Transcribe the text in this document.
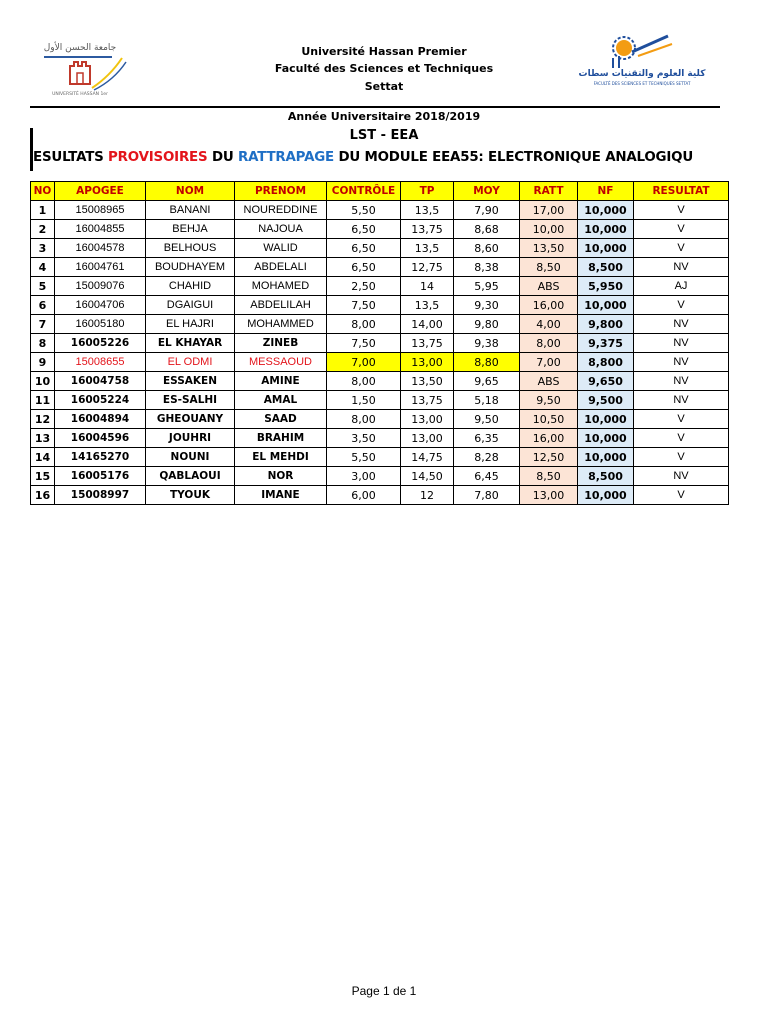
جامعة الحسن الأول
UNIVERSITÉ HASSAN 1er
كلية العلوم والتقنيات سطات
FACULTÉ DES SCIENCES ET TECHNIQUES SETTAT
Université Hassan Premier
Faculté des Sciences et Techniques
Settat
Année Universitaire 2018/2019
LST - EEA
ESULTATS PROVISOIRES DU RATTRAPAGE DU MODULE EEA55: ELECTRONIQUE ANALOGIQU
NO	APOGEE	NOM	PRENOM	CONTRÔLE	TP	MOY	RATT	NF	RESULTAT
1	15008965	BANANI	NOUREDDINE	5,50	13,5	7,90	17,00	10,000	V
2	16004855	BEHJA	NAJOUA	6,50	13,75	8,68	10,00	10,000	V
3	16004578	BELHOUS	WALID	6,50	13,5	8,60	13,50	10,000	V
4	16004761	BOUDHAYEM	ABDELALI	6,50	12,75	8,38	8,50	8,500	NV
5	15009076	CHAHID	MOHAMED	2,50	14	5,95	ABS	5,950	AJ
6	16004706	DGAIGUI	ABDELILAH	7,50	13,5	9,30	16,00	10,000	V
7	16005180	EL HAJRI	MOHAMMED	8,00	14,00	9,80	4,00	9,800	NV
8	16005226	EL KHAYAR	ZINEB	7,50	13,75	9,38	8,00	9,375	NV
9	15008655	EL ODMI	MESSAOUD	7,00	13,00	8,80	7,00	8,800	NV
10	16004758	ESSAKEN	AMINE	8,00	13,50	9,65	ABS	9,650	NV
11	16005224	ES-SALHI	AMAL	1,50	13,75	5,18	9,50	9,500	NV
12	16004894	GHEOUANY	SAAD	8,00	13,00	9,50	10,50	10,000	V
13	16004596	JOUHRI	BRAHIM	3,50	13,00	6,35	16,00	10,000	V
14	14165270	NOUNI	EL MEHDI	5,50	14,75	8,28	12,50	10,000	V
15	16005176	QABLAOUI	NOR	3,00	14,50	6,45	8,50	8,500	NV
16	15008997	TYOUK	IMANE	6,00	12	7,80	13,00	10,000	V
Page 1 de 1
